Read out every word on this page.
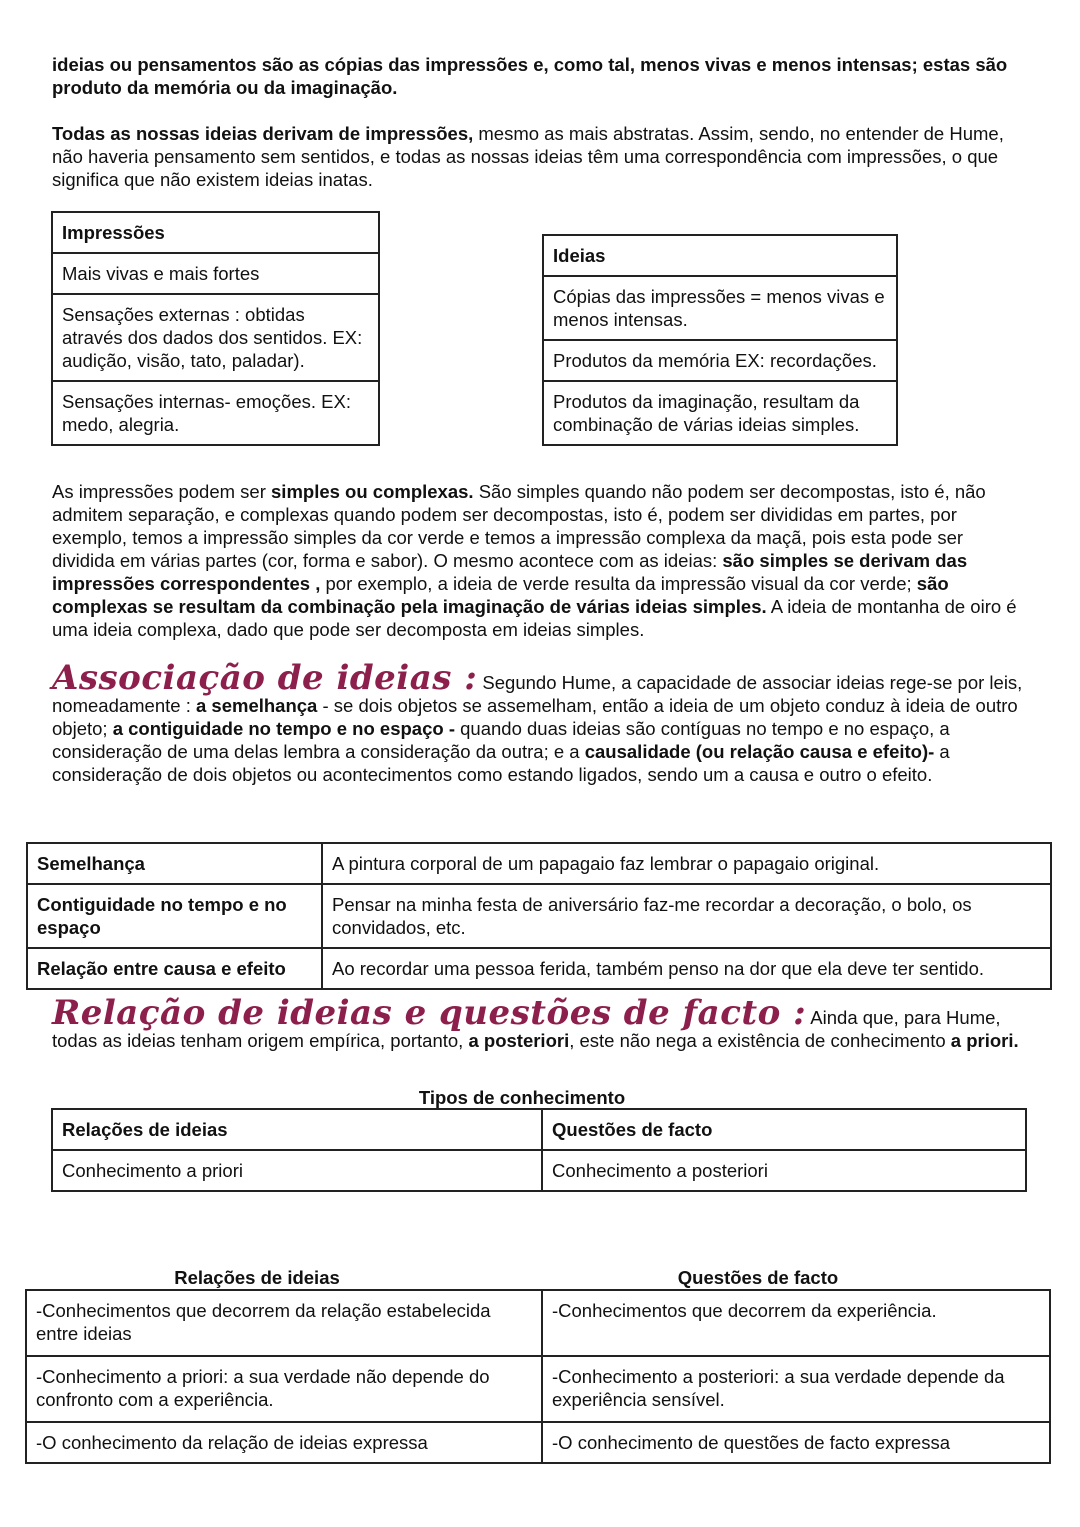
ideias ou pensamentos são as cópias das impressões e, como tal, menos vivas e menos intensas; estas são produto da memória ou da imaginação.

Todas as nossas ideias derivam de impressões, mesmo as mais abstratas. Assim, sendo, no entender de Hume, não haveria pensamento sem sentidos, e todas as nossas ideias têm uma correspondência com impressões, o que significa que não existem ideias inatas.

Impressões
Mais vivas e mais fortes
Sensações externas : obtidas através dos dados dos sentidos. EX: audição, visão, tato, paladar).
Sensações internas- emoções. EX: medo, alegria.
Ideias
Cópias das impressões = menos vivas e menos intensas.
Produtos da memória EX: recordações.
Produtos da imaginação, resultam da combinação de várias ideias simples.

As impressões podem ser simples ou complexas. São simples quando não podem ser decompostas, isto é, não admitem separação, e complexas quando podem ser decompostas, isto é, podem ser divididas em partes, por exemplo, temos a impressão simples da cor verde e temos a impressão complexa da maçã, pois esta pode ser dividida em várias partes (cor, forma e sabor). O mesmo acontece com as ideias: são simples se derivam das impressões correspondentes , por exemplo, a ideia de verde resulta da impressão visual da cor verde; são complexas se resultam da combinação pela imaginação de várias ideias simples. A ideia de montanha de oiro é uma ideia complexa, dado que pode ser decomposta em ideias simples.

Associação de ideias : Segundo Hume, a capacidade de associar ideias rege-se por leis, nomeadamente : a semelhança - se dois objetos se assemelham, então a ideia de um objeto conduz à ideia de outro objeto; a contiguidade no tempo e no espaço - quando duas ideias são contíguas no tempo e no espaço, a consideração de uma delas lembra a consideração da outra; e a causalidade (ou relação causa e efeito)- a consideração de dois objetos ou acontecimentos como estando ligados, sendo um a causa e outro o efeito.

Semelhança	A pintura corporal de um papagaio faz lembrar o papagaio original.
Contiguidade no tempo e no espaço	Pensar na minha festa de aniversário faz-me recordar a decoração, o bolo, os convidados, etc.
Relação entre causa e efeito	Ao recordar uma pessoa ferida, também penso na dor que ela deve ter sentido.

Relação de ideias e questões de facto : Ainda que, para Hume, todas as ideias tenham origem empírica, portanto, a posteriori, este não nega a existência de conhecimento a priori.

Tipos de conhecimento
Relações de ideias	Questões de facto
Conhecimento a priori	Conhecimento a posteriori
Relações de ideias	Questões de facto
-Conhecimentos que decorrem da relação estabelecida entre ideias	-Conhecimentos que decorrem da experiência.
-Conhecimento a priori: a sua verdade não depende do confronto com a experiência.	-Conhecimento a posteriori: a sua verdade depende da experiência sensível.
-O conhecimento da relação de ideias expressa	-O conhecimento de questões de facto expressa
